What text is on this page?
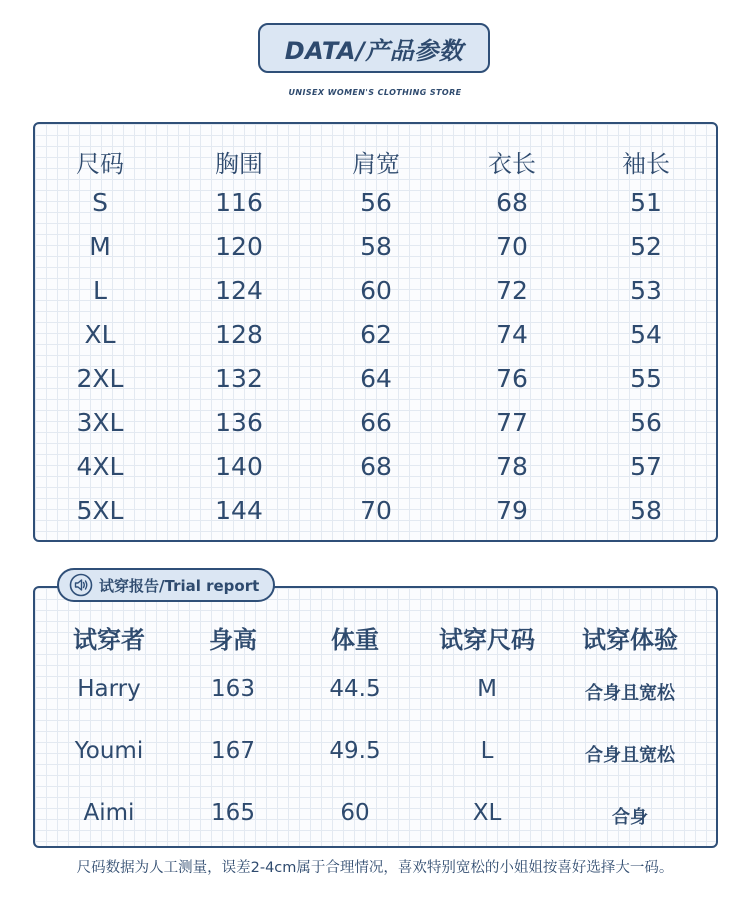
DATA/产品参数
UNISEX WOMEN'S CLOTHING STORE
尺码	胸围	肩宽	衣长	袖长
S	116	56	68	51
M	120	58	70	52
L	124	60	72	53
XL	128	62	74	54
2XL	132	64	76	55
3XL	136	66	77	56
4XL	140	68	78	57
5XL	144	70	79	58
试穿报告/Trial report
试穿者	身高	体重	试穿尺码	试穿体验
Harry	163	44.5	M	合身且宽松
Youmi	167	49.5	L	合身且宽松
Aimi	165	60	XL	合身
尺码数据为人工测量，误差2-4cm属于合理情况，喜欢特别宽松的小姐姐按喜好选择大一码。
